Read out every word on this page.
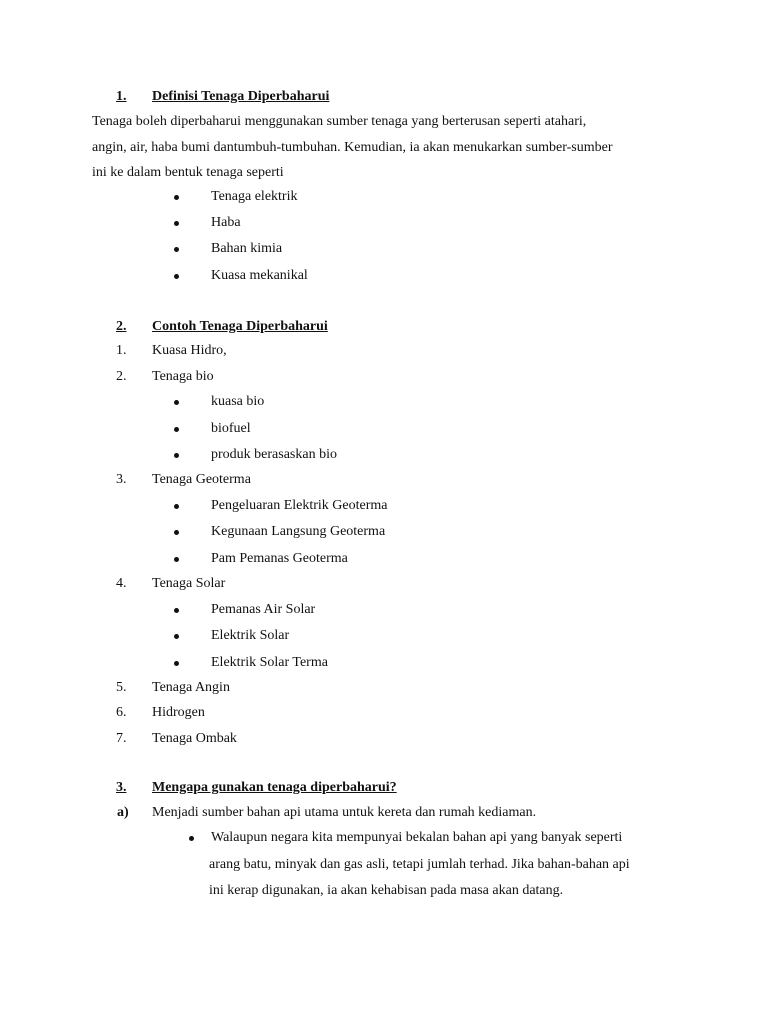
1. Definisi Tenaga Diperbaharui
Tenaga boleh diperbaharui menggunakan sumber tenaga yang berterusan seperti atahari,
angin, air, haba bumi dantumbuh-tumbuhan. Kemudian, ia akan menukarkan sumber-sumber
ini ke dalam bentuk tenaga seperti
Tenaga elektrik
Haba
Bahan kimia
Kuasa mekanikal
2. Contoh Tenaga Diperbaharui
1. Kuasa Hidro,
2. Tenaga bio
kuasa bio
biofuel
produk berasaskan bio
3. Tenaga Geoterma
Pengeluaran Elektrik Geoterma
Kegunaan Langsung Geoterma
Pam Pemanas Geoterma
4. Tenaga Solar
Pemanas Air Solar
Elektrik Solar
Elektrik Solar Terma
5. Tenaga Angin
6. Hidrogen
7. Tenaga Ombak
3. Mengapa gunakan tenaga diperbaharui?
a) Menjadi sumber bahan api utama untuk kereta dan rumah kediaman.
Walaupun negara kita mempunyai bekalan bahan api yang banyak seperti
arang batu, minyak dan gas asli, tetapi jumlah terhad. Jika bahan-bahan api
ini kerap digunakan, ia akan kehabisan pada masa akan datang.
